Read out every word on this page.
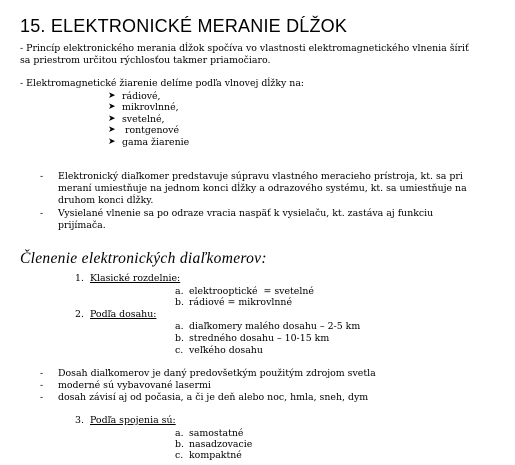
15. ELEKTRONICKÉ MERANIE DĹŽOK
- Princíp elektronického merania dĺžok spočíva vo vlastnosti elektromagnetického vlnenia šíriť
sa priestrom určitou rýchlosťou takmer priamočiaro.
- Elektromagnetické žiarenie delíme podľa vlnovej dĺžky na:
➤ rádiové,
➤ mikrovlnné,
➤ svetelné,
➤ rontgenové
➤ gama žiarenie
- Elektronický diaľkomer predstavuje súpravu vlastného meracieho prístroja, kt. sa pri
meraní umiestňuje na jednom konci dĺžky a odrazového systému, kt. sa umiestňuje na
druhom konci dĺžky.
- Vysielané vlnenie sa po odraze vracia naspäť k vysielaču, kt. zastáva aj funkciu
prijímača.
Členenie elektronických diaľkomerov:
1. Klasické rozdelnie:
a. elektrooptické  = svetelné
b. rádiové = mikrovlnné
2. Podľa dosahu:
a. diaľkomery malého dosahu – 2-5 km
b. stredného dosahu – 10-15 km
c. veľkého dosahu
- Dosah diaľkomerov je daný predovšetkým použitým zdrojom svetla
- moderné sú vybavované lasermi
- dosah závisí aj od počasia, a či je deň alebo noc, hmla, sneh, dym
3. Podľa spojenia sú:
a. samostatné
b. nasadzovacie
c. kompaktné
